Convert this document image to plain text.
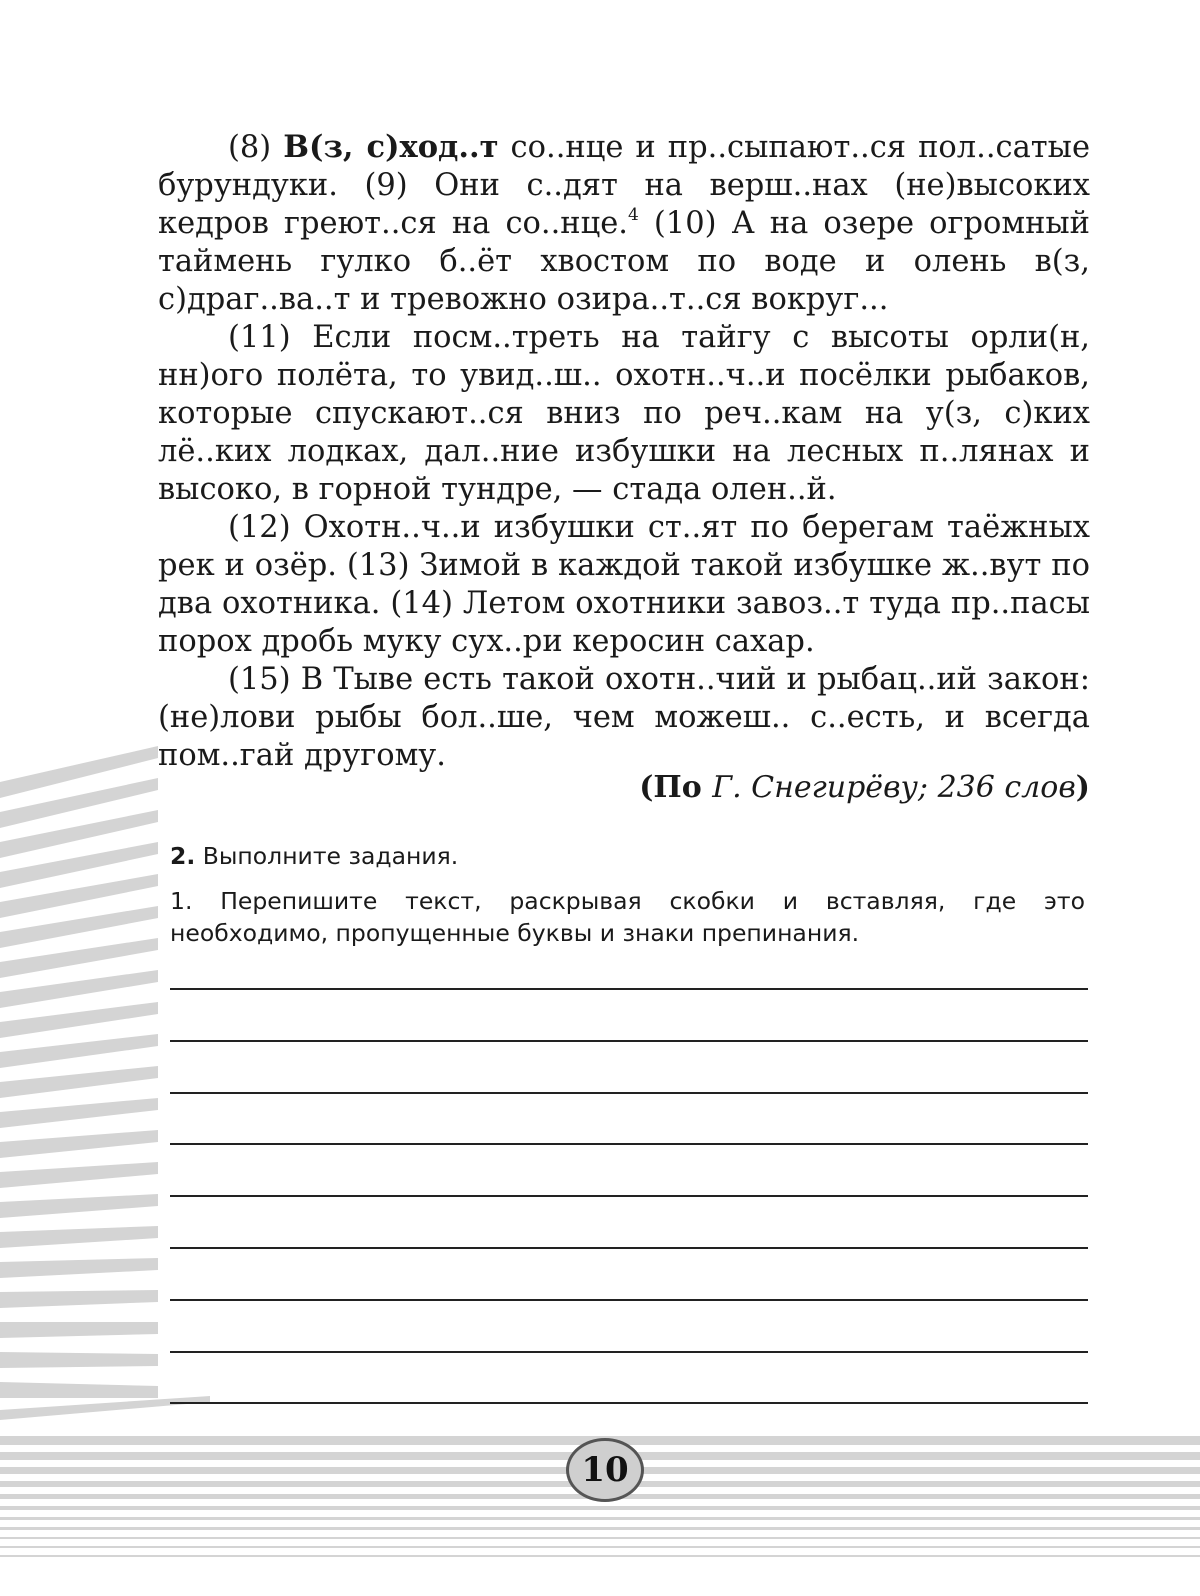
(8) В(з, с)ход..т со..нце и пр..сыпают..ся пол..сатые бурундуки. (9) Они с..дят на верш..нах (не)высоких кедров греют..ся на со..нце.$^4$ (10) А на озере огромный таймень гулко б..ёт хвостом по воде и олень в(з, с)драг..ва..т и тревожно озира..т..ся вокруг...

(11) Если посм..треть на тайгу с высоты орли(н, нн)ого полёта, то увид..ш.. охотн..ч..и посёлки рыбаков, которые спускают..ся вниз по реч..кам на у(з, с)ких лё..ких лодках, дал..ние избушки на лесных п..лянах и высоко, в горной тундре, — стада олен..й.

(12) Охотн..ч..и избушки ст..ят по берегам таёжных рек и озёр. (13) Зимой в каждой такой избушке ж..вут по два охотника. (14) Летом охотники завоз..т туда пр..пасы порох дробь муку сух..ри керосин сахар.

(15) В Тыве есть такой охотн..чий и рыбац..ий закон: (не)лови рыбы бол..ше, чем можеш.. с..есть, и всегда пом..гай другому.

(По Г. Снегирёву; 236 слов)
2. Выполните задания.
1. Перепишите текст, раскрывая скобки и вставляя, где это необходимо, пропущенные буквы и знаки препинания.
10
